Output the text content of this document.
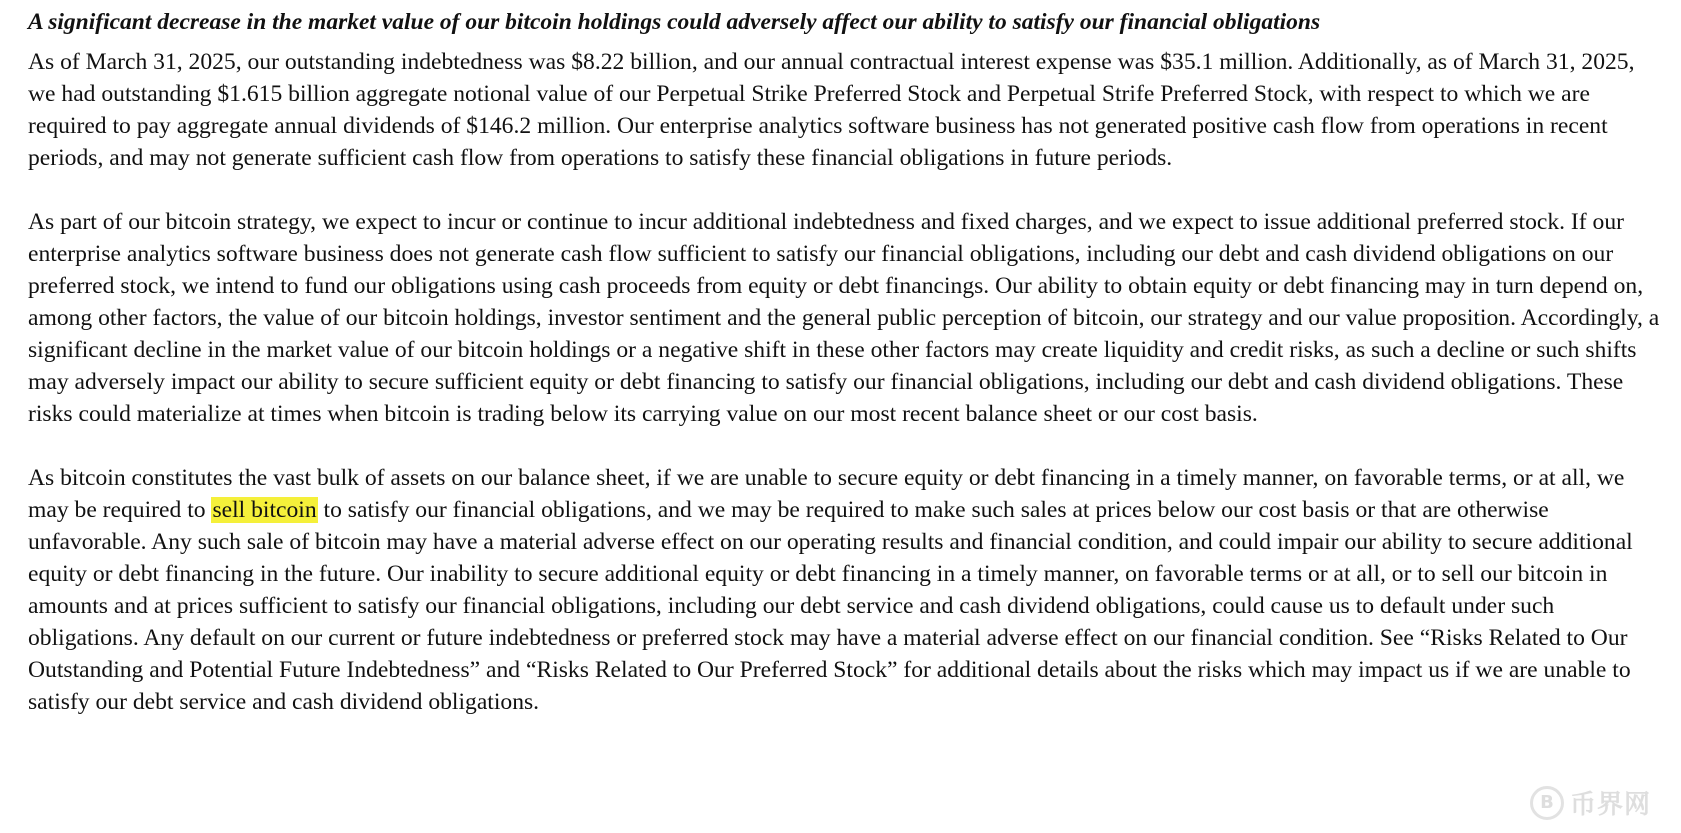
A significant decrease in the market value of our bitcoin holdings could adversely affect our ability to satisfy our financial obligations

As of March 31, 2025, our outstanding indebtedness was $8.22 billion, and our annual contractual interest expense was $35.1 million. Additionally, as of March 31, 2025, we had outstanding $1.615 billion aggregate notional value of our Perpetual Strike Preferred Stock and Perpetual Strife Preferred Stock, with respect to which we are required to pay aggregate annual dividends of $146.2 million. Our enterprise analytics software business has not generated positive cash flow from operations in recent periods, and may not generate sufficient cash flow from operations to satisfy these financial obligations in future periods.

As part of our bitcoin strategy, we expect to incur or continue to incur additional indebtedness and fixed charges, and we expect to issue additional preferred stock. If our enterprise analytics software business does not generate cash flow sufficient to satisfy our financial obligations, including our debt and cash dividend obligations on our preferred stock, we intend to fund our obligations using cash proceeds from equity or debt financings. Our ability to obtain equity or debt financing may in turn depend on, among other factors, the value of our bitcoin holdings, investor sentiment and the general public perception of bitcoin, our strategy and our value proposition. Accordingly, a significant decline in the market value of our bitcoin holdings or a negative shift in these other factors may create liquidity and credit risks, as such a decline or such shifts may adversely impact our ability to secure sufficient equity or debt financing to satisfy our financial obligations, including our debt and cash dividend obligations. These risks could materialize at times when bitcoin is trading below its carrying value on our most recent balance sheet or our cost basis.

As bitcoin constitutes the vast bulk of assets on our balance sheet, if we are unable to secure equity or debt financing in a timely manner, on favorable terms, or at all, we may be required to sell bitcoin to satisfy our financial obligations, and we may be required to make such sales at prices below our cost basis or that are otherwise unfavorable. Any such sale of bitcoin may have a material adverse effect on our operating results and financial condition, and could impair our ability to secure additional equity or debt financing in the future. Our inability to secure additional equity or debt financing in a timely manner, on favorable terms or at all, or to sell our bitcoin in amounts and at prices sufficient to satisfy our financial obligations, including our debt service and cash dividend obligations, could cause us to default under such obligations. Any default on our current or future indebtedness or preferred stock may have a material adverse effect on our financial condition. See “Risks Related to Our Outstanding and Potential Future Indebtedness” and “Risks Related to Our Preferred Stock” for additional details about the risks which may impact us if we are unable to satisfy our debt service and cash dividend obligations.

B 币界网
